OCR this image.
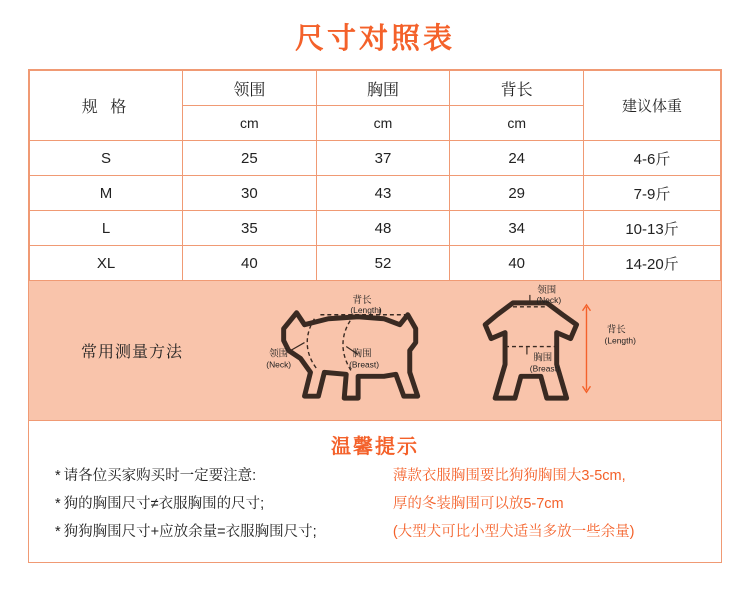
尺寸对照表
规 格	领围	胸围	背长	建议体重
	cm	cm	cm	
S	25	37	24	4-6斤
M	30	43	29	7-9斤
L	35	48	34	10-13斤
XL	40	52	40	14-20斤
常用测量方法
背长
(Length)
领围
(Neck)
胸围
(Breast)
领围
(Neck)
胸围
(Breast)
背长
(Length)
温馨提示

* 请各位买家购买时一定要注意:

* 狗的胸围尺寸≠衣服胸围的尺寸;

* 狗狗胸围尺寸+应放余量=衣服胸围尺寸;

薄款衣服胸围要比狗狗胸围大3-5cm,

厚的冬装胸围可以放5-7cm

(大型犬可比小型犬适当多放一些余量)
